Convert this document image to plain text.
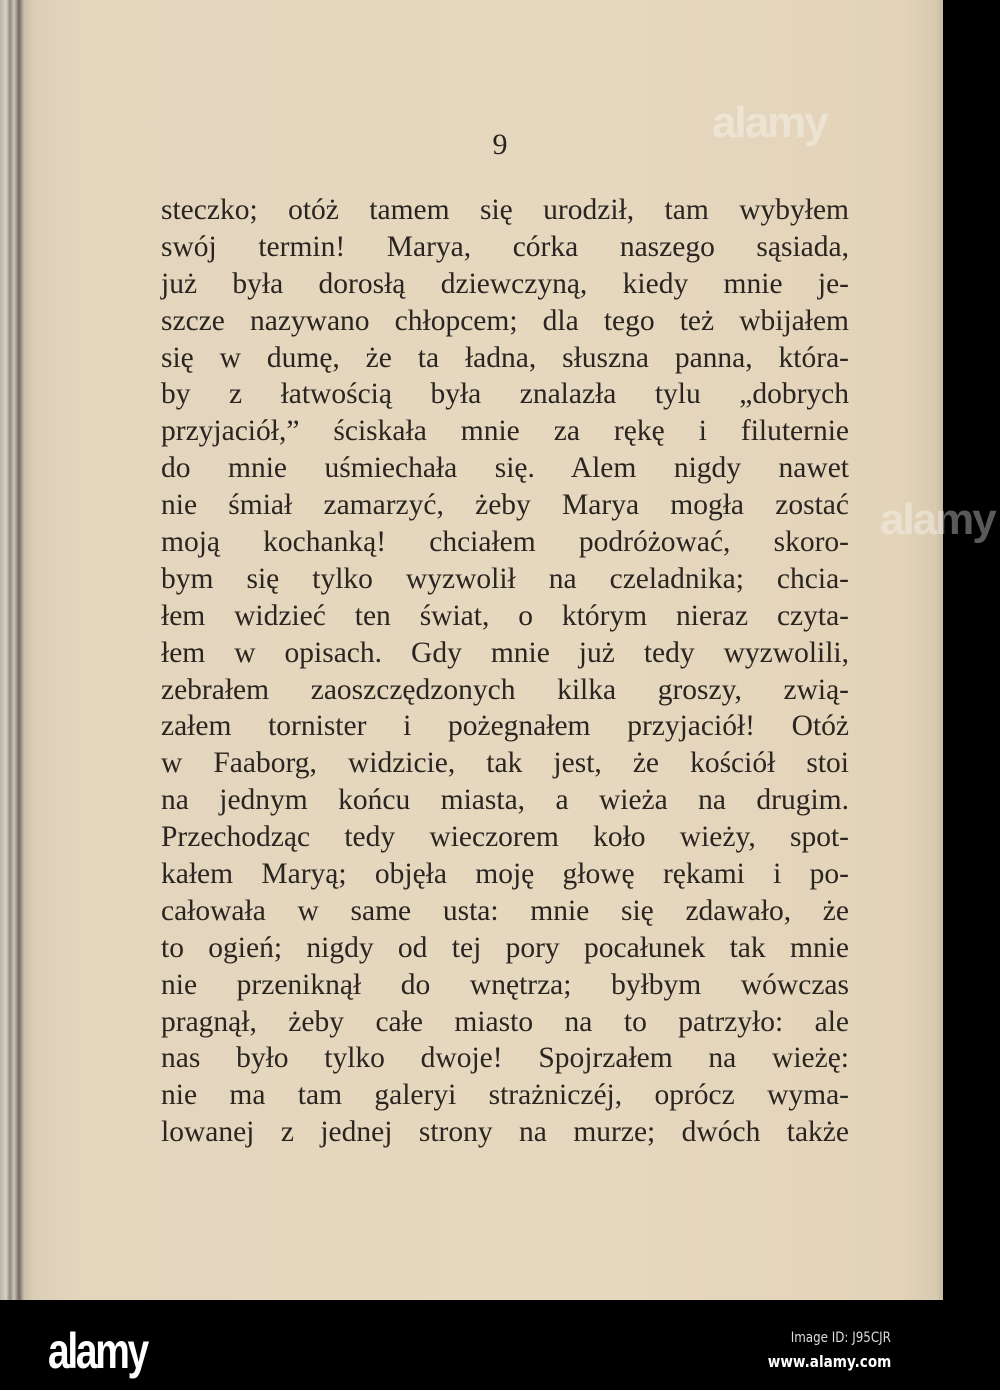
alamy
alamy
9
steczko; otóż tamem się urodził, tam wybyłem
swój termin! Marya, córka naszego sąsiada,
już była dorosłą dziewczyną, kiedy mnie je-
szcze nazywano chłopcem; dla tego też wbijałem
się w dumę, że ta ładna, słuszna panna, która-
by z łatwością była znalazła tylu „dobrych
przyjaciół,” ściskała mnie za rękę i filuternie
do mnie uśmiechała się. Alem nigdy nawet
nie śmiał zamarzyć, żeby Marya mogła zostać
moją kochanką! chciałem podróżować, skoro-
bym się tylko wyzwolił na czeladnika; chcia-
łem widzieć ten świat, o którym nieraz czyta-
łem w opisach. Gdy mnie już tedy wyzwolili,
zebrałem zaoszczędzonych kilka groszy, zwią-
załem tornister i pożegnałem przyjaciół! Otóż
w Faaborg, widzicie, tak jest, że kościół stoi
na jednym końcu miasta, a wieża na drugim.
Przechodząc tedy wieczorem koło wieży, spot-
kałem Maryą; objęła moję głowę rękami i po-
całowała w same usta: mnie się zdawało, że
to ogień; nigdy od tej pory pocałunek tak mnie
nie przeniknął do wnętrza; byłbym wówczas
pragnął, żeby całe miasto na to patrzyło: ale
nas było tylko dwoje! Spojrzałem na wieżę:
nie ma tam galeryi strażniczéj, oprócz wyma-
lowanej z jednej strony na murze; dwóch także
alamy	Image ID: J95CJR
www.alamy.com
